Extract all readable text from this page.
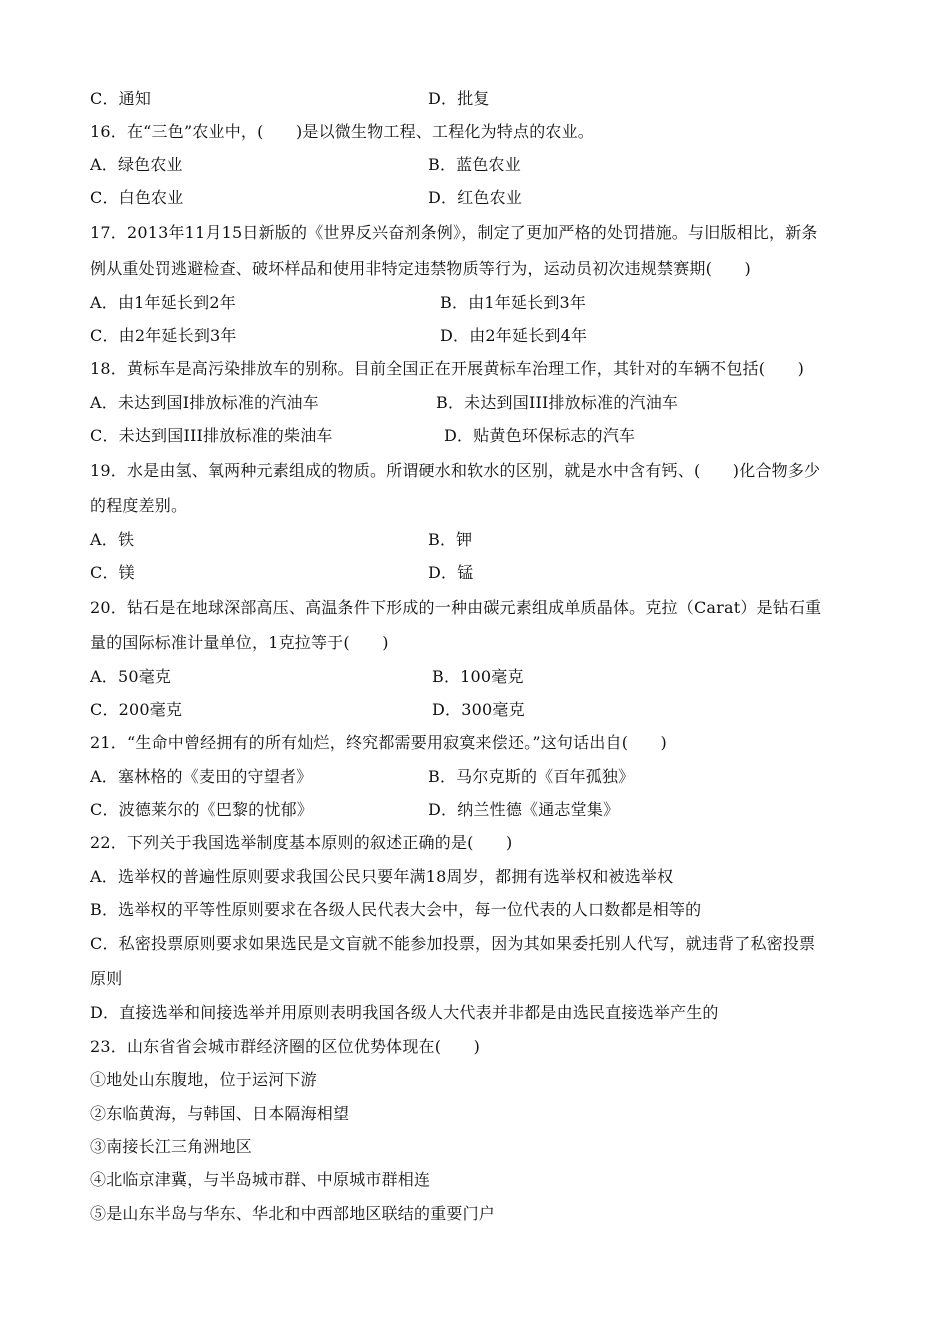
C．通知	D．批复
16．在“三色”农业中，(　　)是以微生物工程、工程化为特点的农业。
A．绿色农业	B．蓝色农业
C．白色农业	D．红色农业
17．2013年11月15日新版的《世界反兴奋剂条例》，制定了更加严格的处罚措施。与旧版相比，新条
例从重处罚逃避检查、破坏样品和使用非特定违禁物质等行为，运动员初次违规禁赛期(　　)
A．由1年延长到2年	B．由1年延长到3年
C．由2年延长到3年	D．由2年延长到4年
18．黄标车是高污染排放车的别称。目前全国正在开展黄标车治理工作，其针对的车辆不包括(　　)
A．未达到国I排放标准的汽油车	B．未达到国III排放标准的汽油车
C．未达到国III排放标准的柴油车	D．贴黄色环保标志的汽车
19．水是由氢、氧两种元素组成的物质。所谓硬水和软水的区别，就是水中含有钙、(　　)化合物多少
的程度差别。
A．铁	B．钾
C．镁	D．锰
20．钻石是在地球深部高压、高温条件下形成的一种由碳元素组成单质晶体。克拉（Carat）是钻石重
量的国际标准计量单位，1克拉等于(　　)
A．50毫克	B．100毫克
C．200毫克	D．300毫克
21．“生命中曾经拥有的所有灿烂，终究都需要用寂寞来偿还。”这句话出自(　　)
A．塞林格的《麦田的守望者》	B．马尔克斯的《百年孤独》
C．波德莱尔的《巴黎的忧郁》	D．纳兰性德《通志堂集》
22．下列关于我国选举制度基本原则的叙述正确的是(　　)
A．选举权的普遍性原则要求我国公民只要年满18周岁，都拥有选举权和被选举权
B．选举权的平等性原则要求在各级人民代表大会中，每一位代表的人口数都是相等的
C．私密投票原则要求如果选民是文盲就不能参加投票，因为其如果委托别人代写，就违背了私密投票
原则
D．直接选举和间接选举并用原则表明我国各级人大代表并非都是由选民直接选举产生的
23．山东省省会城市群经济圈的区位优势体现在(　　)
①地处山东腹地，位于运河下游
②东临黄海，与韩国、日本隔海相望
③南接长江三角洲地区
④北临京津冀，与半岛城市群、中原城市群相连
⑤是山东半岛与华东、华北和中西部地区联结的重要门户
